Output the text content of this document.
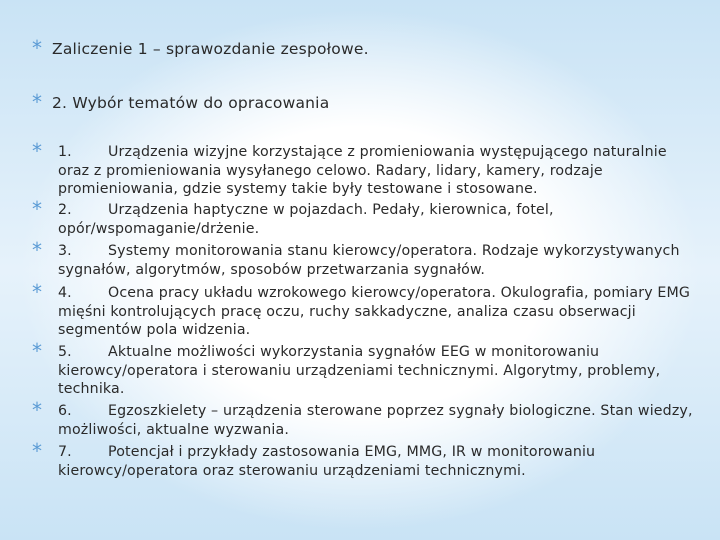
* Zaliczenie 1 – sprawozdanie zespołowe.
* 2. Wybór tematów do opracowania
* 1.	Urządzenia wizyjne korzystające z promieniowania występującego naturalnie oraz z promieniowania wysyłanego celowo. Radary, lidary, kamery, rodzaje promieniowania, gdzie systemy takie były testowane i stosowane.
* 2.	Urządzenia haptyczne w pojazdach. Pedały, kierownica, fotel, opór/wspomaganie/drżenie.
* 3.	Systemy monitorowania stanu kierowcy/operatora. Rodzaje wykorzystywanych sygnałów, algorytmów, sposobów przetwarzania sygnałów.
* 4.	Ocena pracy układu wzrokowego kierowcy/operatora. Okulografia, pomiary EMG mięśni kontrolujących pracę oczu, ruchy sakkadyczne, analiza czasu obserwacji segmentów pola widzenia.
* 5.	Aktualne możliwości wykorzystania sygnałów EEG w monitorowaniu kierowcy/operatora i sterowaniu urządzeniami technicznymi. Algorytmy, problemy, technika.
* 6.	Egzoszkielety – urządzenia sterowane poprzez sygnały biologiczne. Stan wiedzy, możliwości, aktualne wyzwania.
* 7.	Potencjał i przykłady zastosowania EMG, MMG, IR w monitorowaniu kierowcy/operatora oraz sterowaniu urządzeniami technicznymi.
